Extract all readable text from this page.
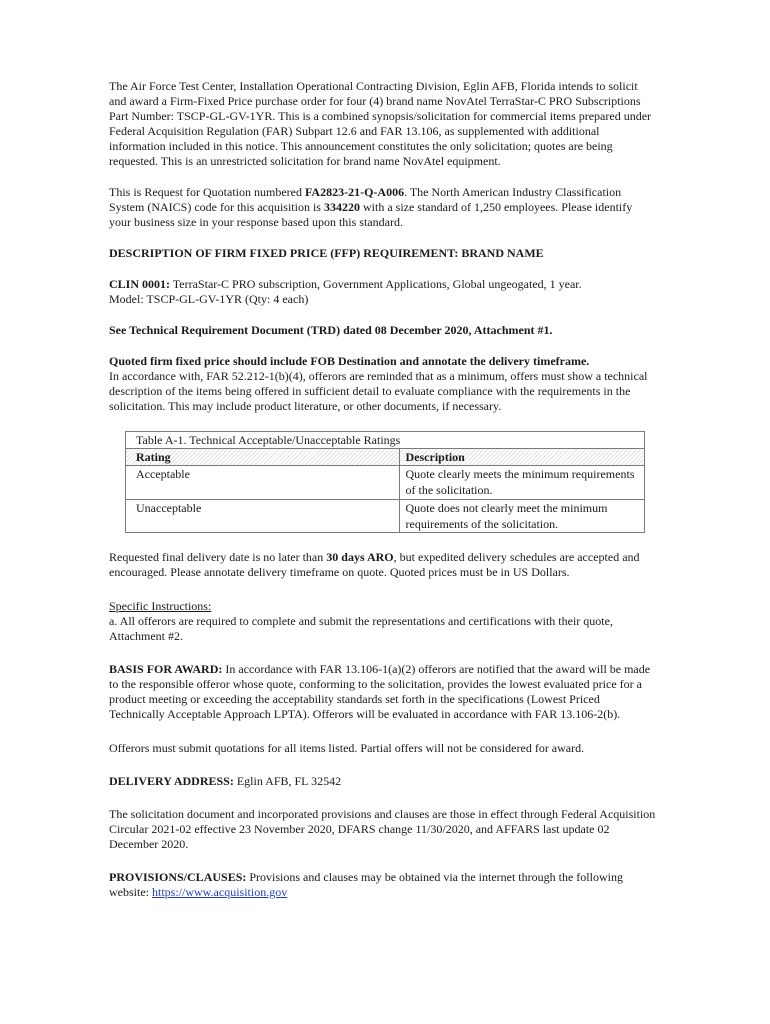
The Air Force Test Center, Installation Operational Contracting Division, Eglin AFB, Florida intends to solicit and award a Firm-Fixed Price purchase order for four (4) brand name NovAtel TerraStar-C PRO Subscriptions Part Number: TSCP-GL-GV-1YR. This is a combined synopsis/solicitation for commercial items prepared under Federal Acquisition Regulation (FAR) Subpart 12.6 and FAR 13.106, as supplemented with additional information included in this notice. This announcement constitutes the only solicitation; quotes are being requested. This is an unrestricted solicitation for brand name NovAtel equipment.

This is Request for Quotation numbered FA2823-21-Q-A006. The North American Industry Classification System (NAICS) code for this acquisition is 334220 with a size standard of 1,250 employees. Please identify your business size in your response based upon this standard.

DESCRIPTION OF FIRM FIXED PRICE (FFP) REQUIREMENT: BRAND NAME

CLIN 0001: TerraStar-C PRO subscription, Government Applications, Global ungeogated, 1 year.

Model: TSCP-GL-GV-1YR (Qty: 4 each)

See Technical Requirement Document (TRD) dated 08 December 2020, Attachment #1.

Quoted firm fixed price should include FOB Destination and annotate the delivery timeframe.

In accordance with, FAR 52.212-1(b)(4), offerors are reminded that as a minimum, offers must show a technical description of the items being offered in sufficient detail to evaluate compliance with the requirements in the solicitation. This may include product literature, or other documents, if necessary.

Table A-1. Technical Acceptable/Unacceptable Ratings	
Rating	Description
Acceptable	Quote clearly meets the minimum requirements of the solicitation.
Unacceptable	Quote does not clearly meet the minimum requirements of the solicitation.

Requested final delivery date is no later than 30 days ARO, but expedited delivery schedules are accepted and encouraged. Please annotate delivery timeframe on quote. Quoted prices must be in US Dollars.

Specific Instructions:

a. All offerors are required to complete and submit the representations and certifications with their quote, Attachment #2.

BASIS FOR AWARD: In accordance with FAR 13.106-1(a)(2) offerors are notified that the award will be made to the responsible offeror whose quote, conforming to the solicitation, provides the lowest evaluated price for a product meeting or exceeding the acceptability standards set forth in the specifications (Lowest Priced Technically Acceptable Approach LPTA). Offerors will be evaluated in accordance with FAR 13.106-2(b).

Offerors must submit quotations for all items listed. Partial offers will not be considered for award.

DELIVERY ADDRESS: Eglin AFB, FL 32542

The solicitation document and incorporated provisions and clauses are those in effect through Federal Acquisition Circular 2021-02 effective 23 November 2020, DFARS change 11/30/2020, and AFFARS last update 02 December 2020.

PROVISIONS/CLAUSES: Provisions and clauses may be obtained via the internet through the following website: https://www.acquisition.gov
